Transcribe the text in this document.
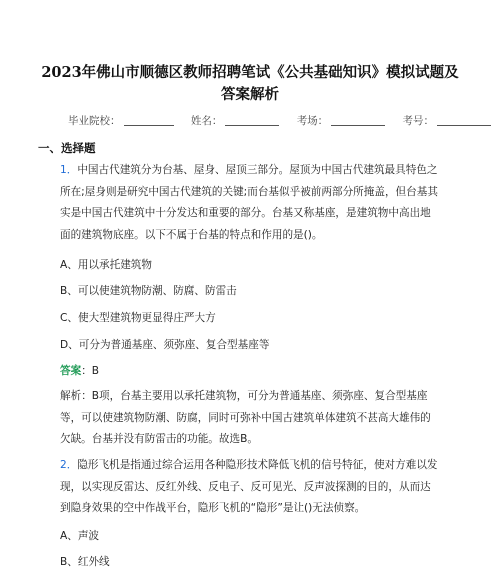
2023年佛山市顺德区教师招聘笔试《公共基础知识》模拟试题及答案解析
毕业院校：	姓名：	考场：	考号：
一、选择题
1．中国古代建筑分为台基、屋身、屋顶三部分。屋顶为中国古代建筑最具特色之所在;屋身则是研究中国古代建筑的关键;而台基似乎被前两部分所掩盖，但台基其实是中国古代建筑中十分发达和重要的部分。台基又称基座，是建筑物中高出地面的建筑物底座。以下不属于台基的特点和作用的是()。
A、用以承托建筑物
B、可以使建筑物防潮、防腐、防雷击
C、使大型建筑物更显得庄严大方
D、可分为普通基座、须弥座、复合型基座等
答案：B
解析：B项，台基主要用以承托建筑物，可分为普通基座、须弥座、复合型基座等，可以使建筑物防潮、防腐，同时可弥补中国古建筑单体建筑不甚高大雄伟的欠缺。台基并没有防雷击的功能。故选B。
2．隐形飞机是指通过综合运用各种隐形技术降低飞机的信号特征，使对方难以发现，以实现反雷达、反红外线、反电子、反可见光、反声波探测的目的，从而达到隐身效果的空中作战平台，隐形飞机的“隐形”是让()无法侦察。
A、声波
B、红外线
